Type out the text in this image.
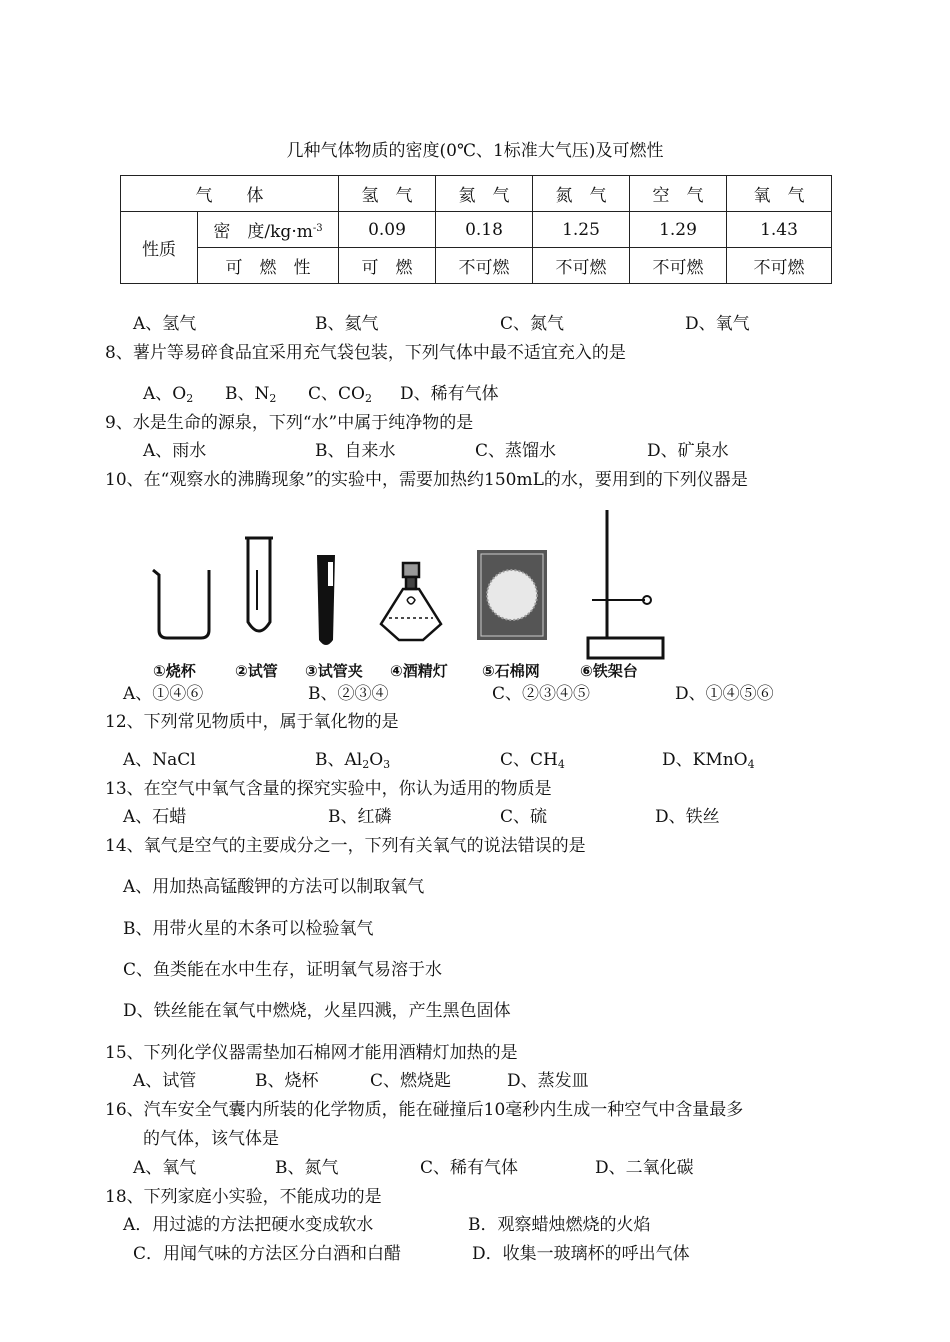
几种气体物质的密度(0℃、1标准大气压)及可燃性
气　　体		氢　气	氦　气	氮　气	空　气	氧　气
性质	密　度$/kg\cdot m^{-3}$	0.09	0.18	1.25	1.29	1.43
	可　燃　性	可　燃	不可燃	不可燃	不可燃	不可燃
A、氢气	B、氦气	C、氮气	D、氧气
8、薯片等易碎食品宜采用充气袋包装，下列气体中最不适宜充入的是
A、$O_2$ B、$N_2$ C、$CO_2$ D、稀有气体
9、水是生命的源泉，下列“水”中属于纯净物的是
A、雨水	B、自来水	C、蒸馏水	D、矿泉水
10、在“观察水的沸腾现象”的实验中，需要加热约150mL的水，要用到的下列仪器是
①烧杯	②试管 ③试管夹 ④酒精灯 ⑤石棉网	⑥铁架台
A、①④⑥	B、②③④	C、②③④⑤	D、①④⑤⑥
12、下列常见物质中，属于氧化物的是
A、NaCl	B、$Al_2O_3$	C、$CH_4$	D、KMnO$_4$
13、在空气中氧气含量的探究实验中，你认为适用的物质是
A、石蜡	B、红磷	C、硫	D、铁丝
14、氧气是空气的主要成分之一，下列有关氧气的说法错误的是
A、用加热高锰酸钾的方法可以制取氧气
B、用带火星的木条可以检验氧气
C、鱼类能在水中生存，证明氧气易溶于水
D、铁丝能在氧气中燃烧，火星四溅，产生黑色固体
15、下列化学仪器需垫加石棉网才能用酒精灯加热的是
A、试管	B、烧杯	C、燃烧匙	D、蒸发皿
16、汽车安全气囊内所装的化学物质，能在碰撞后10毫秒内生成一种空气中含量最多
的气体，该气体是
A、氧气	B、氮气	C、稀有气体	D、二氧化碳
18、下列家庭小实验，不能成功的是
A．用过滤的方法把硬水变成软水	B．观察蜡烛燃烧的火焰
C．用闻气味的方法区分白酒和白醋	D．收集一玻璃杯的呼出气体
